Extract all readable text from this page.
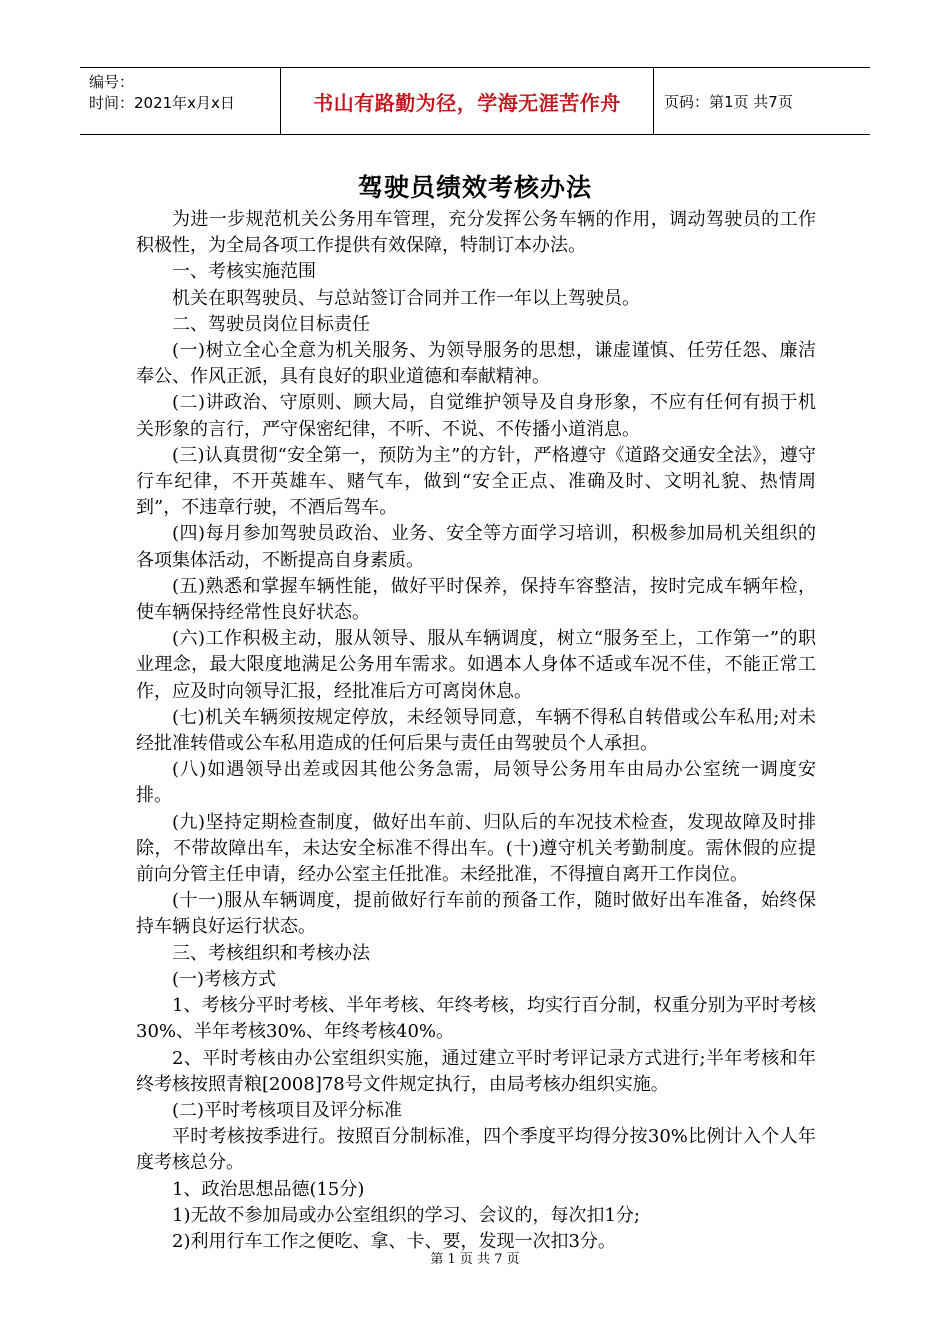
编号：
时间：2021年x月x日	书山有路勤为径，学海无涯苦作舟	页码：第1页 共7页
驾驶员绩效考核办法

为进一步规范机关公务用车管理，充分发挥公务车辆的作用，调动驾驶员的工作积极性，为全局各项工作提供有效保障，特制订本办法。

一、考核实施范围

机关在职驾驶员、与总站签订合同并工作一年以上驾驶员。

二、驾驶员岗位目标责任

(一)树立全心全意为机关服务、为领导服务的思想，谦虚谨慎、任劳任怨、廉洁奉公、作风正派，具有良好的职业道德和奉献精神。

(二)讲政治、守原则、顾大局，自觉维护领导及自身形象，不应有任何有损于机关形象的言行，严守保密纪律，不听、不说、不传播小道消息。

(三)认真贯彻“安全第一，预防为主”的方针，严格遵守《道路交通安全法》，遵守行车纪律，不开英雄车、赌气车，做到“安全正点、准确及时、文明礼貌、热情周到”，不违章行驶，不酒后驾车。

(四)每月参加驾驶员政治、业务、安全等方面学习培训，积极参加局机关组织的各项集体活动，不断提高自身素质。

(五)熟悉和掌握车辆性能，做好平时保养，保持车容整洁，按时完成车辆年检，使车辆保持经常性良好状态。

(六)工作积极主动，服从领导、服从车辆调度，树立“服务至上，工作第一”的职业理念，最大限度地满足公务用车需求。如遇本人身体不适或车况不佳，不能正常工作，应及时向领导汇报，经批准后方可离岗休息。

(七)机关车辆须按规定停放，未经领导同意，车辆不得私自转借或公车私用;对未经批准转借或公车私用造成的任何后果与责任由驾驶员个人承担。

(八)如遇领导出差或因其他公务急需，局领导公务用车由局办公室统一调度安排。

(九)坚持定期检查制度，做好出车前、归队后的车况技术检查，发现故障及时排除，不带故障出车，未达安全标准不得出车。(十)遵守机关考勤制度。需休假的应提前向分管主任申请，经办公室主任批准。未经批准，不得擅自离开工作岗位。

(十一)服从车辆调度，提前做好行车前的预备工作，随时做好出车准备，始终保持车辆良好运行状态。

三、考核组织和考核办法

(一)考核方式

1、考核分平时考核、半年考核、年终考核，均实行百分制，权重分别为平时考核30%、半年考核30%、年终考核40%。

2、平时考核由办公室组织实施，通过建立平时考评记录方式进行;半年考核和年终考核按照青粮[2008]78号文件规定执行，由局考核办组织实施。

(二)平时考核项目及评分标准

平时考核按季进行。按照百分制标准，四个季度平均得分按30%比例计入个人年度考核总分。

1、政治思想品德(15分)

1)无故不参加局或办公室组织的学习、会议的，每次扣1分;

2)利用行车工作之便吃、拿、卡、要，发现一次扣3分。

第 1 页 共 7 页
